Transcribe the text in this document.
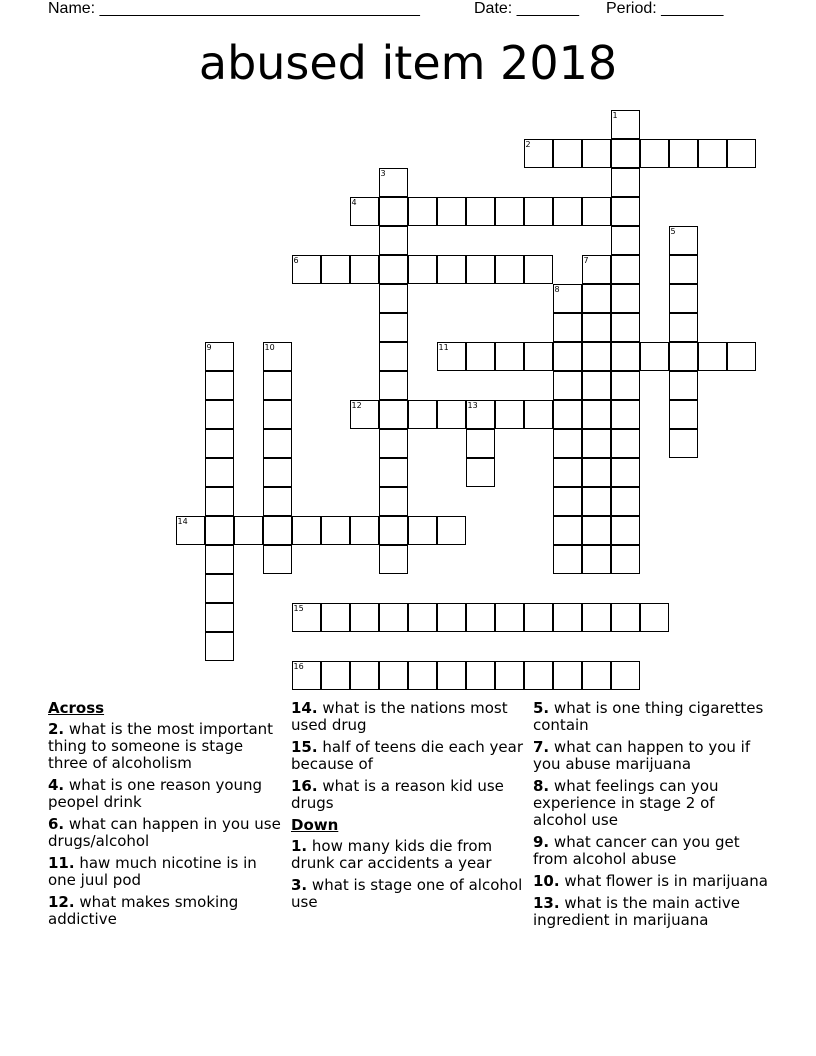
Name: ____________________________________	Date: _______ Period: _______
abused item 2018
1
2
3
4
5
6	7
8
9	10	11
12	13
14
15
16
Across
2. what is the most important thing to someone is stage three of alcoholism
4. what is one reason young peopel drink
6. what can happen in you use drugs/alcohol
11. haw much nicotine is in one juul pod
12. what makes smoking addictive
14. what is the nations most used drug
15. half of teens die each year because of
16. what is a reason kid use drugs
Down
1. how many kids die from drunk car accidents a year
3. what is stage one of alcohol use
5. what is one thing cigarettes contain
7. what can happen to you if you abuse marijuana
8. what feelings can you experience in stage 2 of alcohol use
9. what cancer can you get from alcohol abuse
10. what flower is in marijuana
13. what is the main active ingredient in marijuana
